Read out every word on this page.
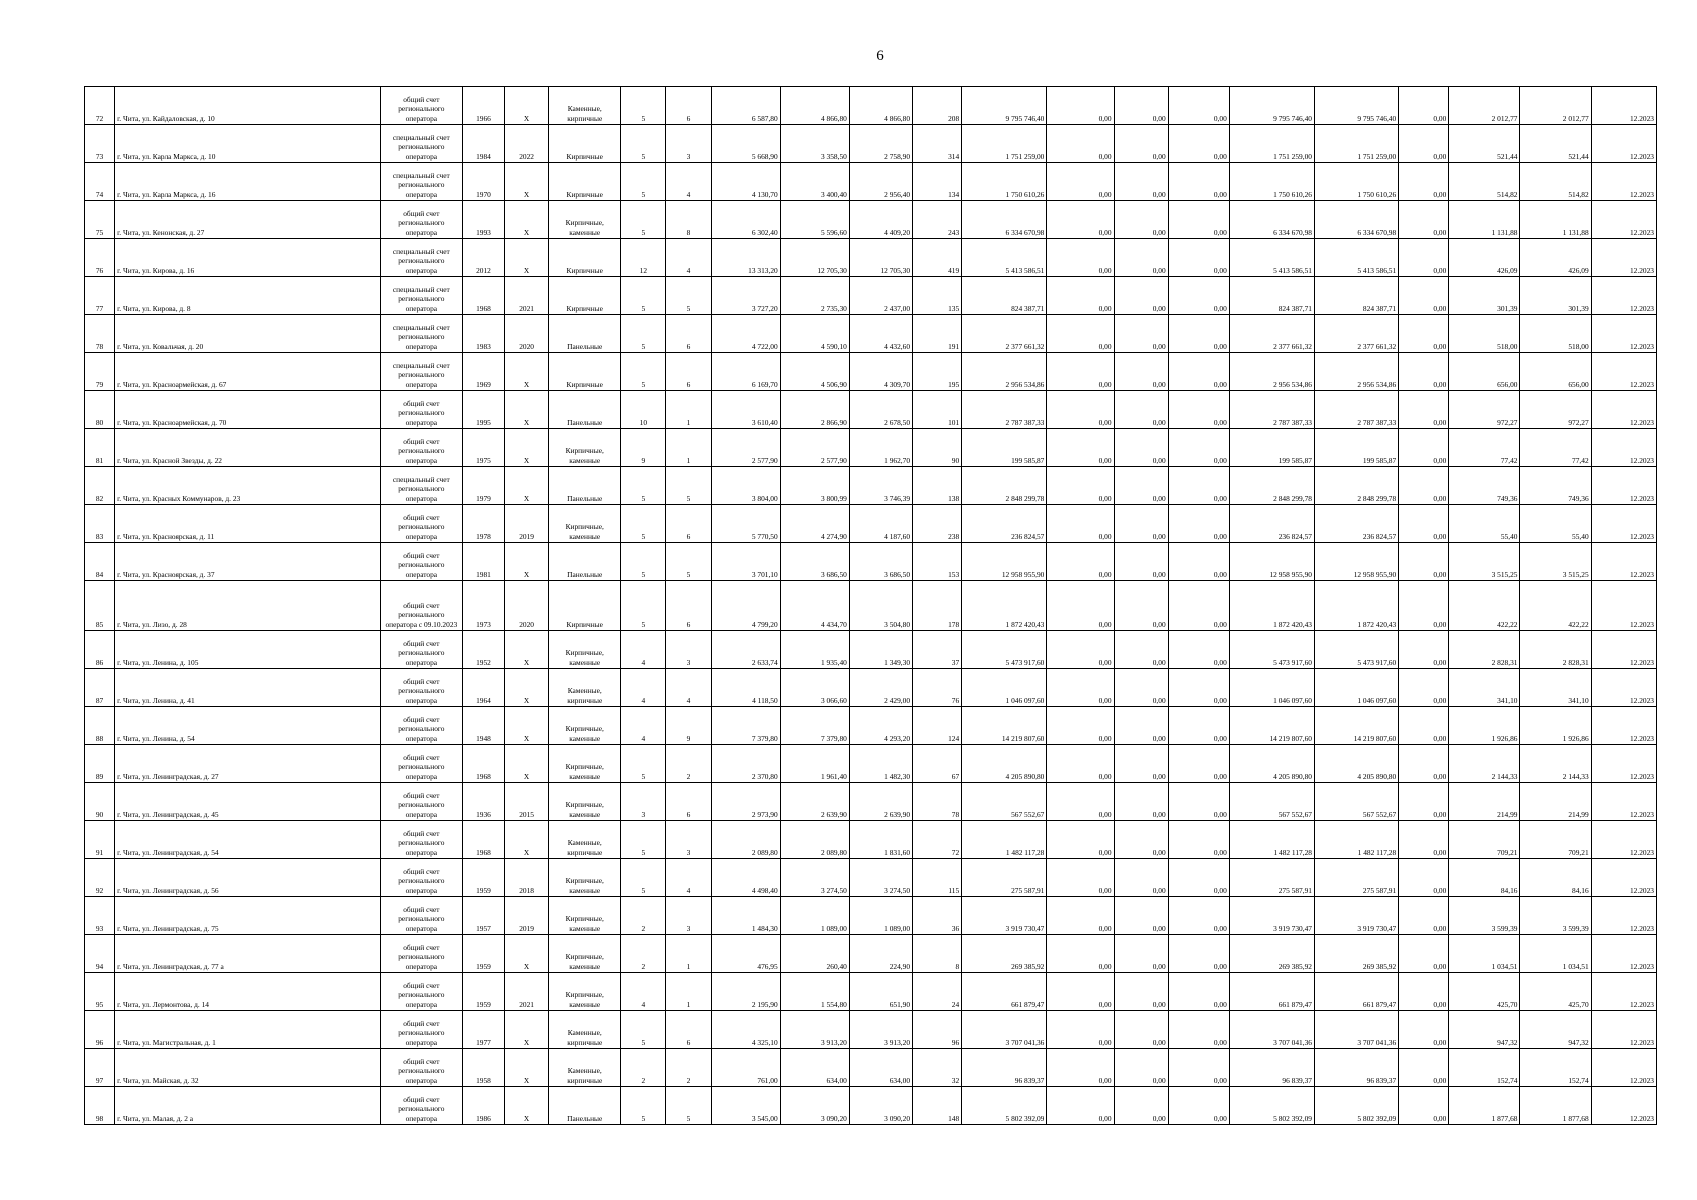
6
72	г. Чита, ул. Кайдаловская, д. 10	общий счет регионального оператора	1966	Х	Каменные, кирпичные	5	6	6 587,80	4 866,80	4 866,80	208	9 795 746,40	0,00	0,00	0,00	9 795 746,40	9 795 746,40	0,00	2 012,77	2 012,77	12.2023
73	г. Чита, ул. Карла Маркса, д. 10	специальный счет регионального оператора	1984	2022	Кирпичные	5	3	5 668,90	3 358,50	2 758,90	314	1 751 259,00	0,00	0,00	0,00	1 751 259,00	1 751 259,00	0,00	521,44	521,44	12.2023
74	г. Чита, ул. Карла Маркса, д. 16	специальный счет регионального оператора	1970	Х	Кирпичные	5	4	4 130,70	3 400,40	2 956,40	134	1 750 610,26	0,00	0,00	0,00	1 750 610,26	1 750 610,26	0,00	514,82	514,82	12.2023
75	г. Чита, ул. Кенонская, д. 27	общий счет регионального оператора	1993	Х	Кирпичные, каменные	5	8	6 302,40	5 596,60	4 409,20	243	6 334 670,98	0,00	0,00	0,00	6 334 670,98	6 334 670,98	0,00	1 131,88	1 131,88	12.2023
76	г. Чита, ул. Кирова, д. 16	специальный счет регионального оператора	2012	Х	Кирпичные	12	4	13 313,20	12 705,30	12 705,30	419	5 413 586,51	0,00	0,00	0,00	5 413 586,51	5 413 586,51	0,00	426,09	426,09	12.2023
77	г. Чита, ул. Кирова, д. 8	специальный счет регионального оператора	1968	2021	Кирпичные	5	5	3 727,20	2 735,30	2 437,00	135	824 387,71	0,00	0,00	0,00	824 387,71	824 387,71	0,00	301,39	301,39	12.2023
78	г. Чита, ул. Ковальчая, д. 20	специальный счет регионального оператора	1983	2020	Панельные	5	6	4 722,00	4 590,10	4 432,60	191	2 377 661,32	0,00	0,00	0,00	2 377 661,32	2 377 661,32	0,00	518,00	518,00	12.2023
79	г. Чита, ул. Красноармейская, д. 67	специальный счет регионального оператора	1969	Х	Кирпичные	5	6	6 169,70	4 506,90	4 309,70	195	2 956 534,86	0,00	0,00	0,00	2 956 534,86	2 956 534,86	0,00	656,00	656,00	12.2023
80	г. Чита, ул. Красноармейская, д. 70	общий счет регионального оператора	1995	Х	Панельные	10	1	3 610,40	2 866,90	2 678,50	101	2 787 387,33	0,00	0,00	0,00	2 787 387,33	2 787 387,33	0,00	972,27	972,27	12.2023
81	г. Чита, ул. Красной Звезды, д. 22	общий счет регионального оператора	1975	Х	Кирпичные, каменные	9	1	2 577,90	2 577,90	1 962,70	90	199 585,87	0,00	0,00	0,00	199 585,87	199 585,87	0,00	77,42	77,42	12.2023
82	г. Чита, ул. Красных Коммунаров, д. 23	специальный счет регионального оператора	1979	Х	Панельные	5	5	3 804,00	3 800,99	3 746,39	138	2 848 299,78	0,00	0,00	0,00	2 848 299,78	2 848 299,78	0,00	749,36	749,36	12.2023
83	г. Чита, ул. Красноярская, д. 11	общий счет регионального оператора	1978	2019	Кирпичные, каменные	5	6	5 770,50	4 274,90	4 187,60	238	236 824,57	0,00	0,00	0,00	236 824,57	236 824,57	0,00	55,40	55,40	12.2023
84	г. Чита, ул. Красноярская, д. 37	общий счет регионального оператора	1981	Х	Панельные	5	5	3 701,10	3 686,50	3 686,50	153	12 958 955,90	0,00	0,00	0,00	12 958 955,90	12 958 955,90	0,00	3 515,25	3 515,25	12.2023
85	г. Чита, ул. Лизо, д. 28	общий счет регионального оператора с 09.10.2023	1973	2020	Кирпичные	5	6	4 799,20	4 434,70	3 504,80	178	1 872 420,43	0,00	0,00	0,00	1 872 420,43	1 872 420,43	0,00	422,22	422,22	12.2023
86	г. Чита, ул. Ленина, д. 105	общий счет регионального оператора	1952	Х	Кирпичные, каменные	4	3	2 633,74	1 935,40	1 349,30	37	5 473 917,60	0,00	0,00	0,00	5 473 917,60	5 473 917,60	0,00	2 828,31	2 828,31	12.2023
87	г. Чита, ул. Ленина, д. 41	общий счет регионального оператора	1964	Х	Каменные, кирпичные	4	4	4 118,50	3 066,60	2 429,00	76	1 046 097,60	0,00	0,00	0,00	1 046 097,60	1 046 097,60	0,00	341,10	341,10	12.2023
88	г. Чита, ул. Ленина, д. 54	общий счет регионального оператора	1948	Х	Кирпичные, каменные	4	9	7 379,80	7 379,80	4 293,20	124	14 219 807,60	0,00	0,00	0,00	14 219 807,60	14 219 807,60	0,00	1 926,86	1 926,86	12.2023
89	г. Чита, ул. Ленинградская, д. 27	общий счет регионального оператора	1968	Х	Кирпичные, каменные	5	2	2 370,80	1 961,40	1 482,30	67	4 205 890,80	0,00	0,00	0,00	4 205 890,80	4 205 890,80	0,00	2 144,33	2 144,33	12.2023
90	г. Чита, ул. Ленинградская, д. 45	общий счет регионального оператора	1936	2015	Кирпичные, каменные	3	6	2 973,90	2 639,90	2 639,90	78	567 552,67	0,00	0,00	0,00	567 552,67	567 552,67	0,00	214,99	214,99	12.2023
91	г. Чита, ул. Ленинградская, д. 54	общий счет регионального оператора	1968	Х	Каменные, кирпичные	5	3	2 089,80	2 089,80	1 831,60	72	1 482 117,28	0,00	0,00	0,00	1 482 117,28	1 482 117,28	0,00	709,21	709,21	12.2023
92	г. Чита, ул. Ленинградская, д. 56	общий счет регионального оператора	1959	2018	Кирпичные, каменные	5	4	4 498,40	3 274,50	3 274,50	115	275 587,91	0,00	0,00	0,00	275 587,91	275 587,91	0,00	84,16	84,16	12.2023
93	г. Чита, ул. Ленинградская, д. 75	общий счет регионального оператора	1957	2019	Кирпичные, каменные	2	3	1 484,30	1 089,00	1 089,00	36	3 919 730,47	0,00	0,00	0,00	3 919 730,47	3 919 730,47	0,00	3 599,39	3 599,39	12.2023
94	г. Чита, ул. Ленинградская, д. 77 а	общий счет регионального оператора	1959	Х	Кирпичные, каменные	2	1	476,95	260,40	224,90	8	269 385,92	0,00	0,00	0,00	269 385,92	269 385,92	0,00	1 034,51	1 034,51	12.2023
95	г. Чита, ул. Лермонтова, д. 14	общий счет регионального оператора	1959	2021	Кирпичные, каменные	4	1	2 195,90	1 554,80	651,90	24	661 879,47	0,00	0,00	0,00	661 879,47	661 879,47	0,00	425,70	425,70	12.2023
96	г. Чита, ул. Магистральная, д. 1	общий счет регионального оператора	1977	Х	Каменные, кирпичные	5	6	4 325,10	3 913,20	3 913,20	96	3 707 041,36	0,00	0,00	0,00	3 707 041,36	3 707 041,36	0,00	947,32	947,32	12.2023
97	г. Чита, ул. Майская, д. 32	общий счет регионального оператора	1958	Х	Каменные, кирпичные	2	2	761,00	634,00	634,00	32	96 839,37	0,00	0,00	0,00	96 839,37	96 839,37	0,00	152,74	152,74	12.2023
98	г. Чита, ул. Малая, д. 2 а	общий счет регионального оператора	1986	Х	Панельные	5	5	3 545,00	3 090,20	3 090,20	148	5 802 392,09	0,00	0,00	0,00	5 802 392,09	5 802 392,09	0,00	1 877,68	1 877,68	12.2023
